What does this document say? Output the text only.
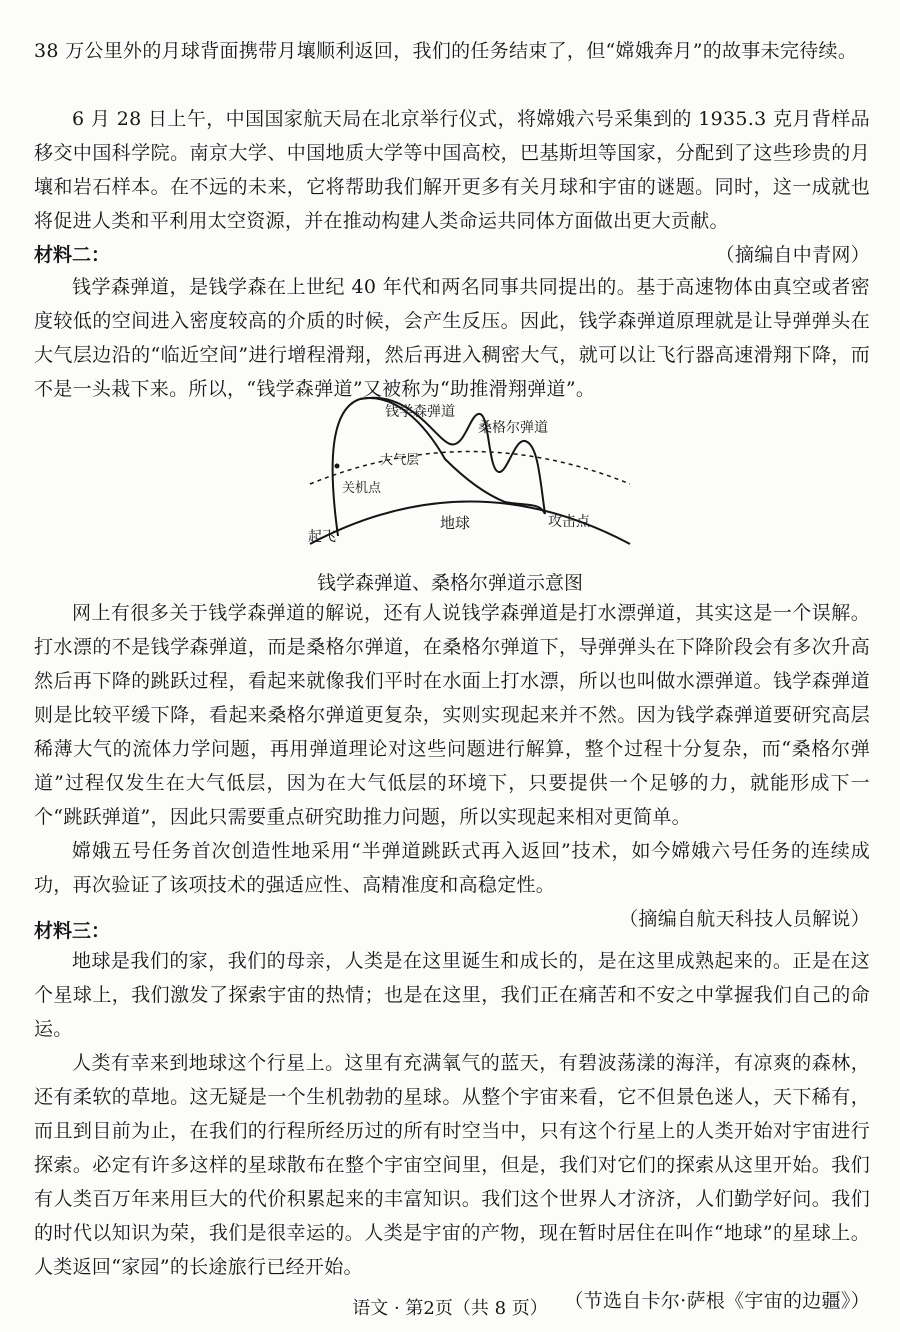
38 万公里外的月球背面携带月壤顺利返回，我们的任务结束了，但“嫦娥奔月”的故事未完待续。

6 月 28 日上午，中国国家航天局在北京举行仪式，将嫦娥六号采集到的 1935.3 克月背样品移交中国科学院。南京大学、中国地质大学等中国高校，巴基斯坦等国家，分配到了这些珍贵的月壤和岩石样本。在不远的未来，它将帮助我们解开更多有关月球和宇宙的谜题。同时，这一成就也将促进人类和平利用太空资源，并在推动构建人类命运共同体方面做出更大贡献。
（摘编自中青网）

材料二：

钱学森弹道，是钱学森在上世纪 40 年代和两名同事共同提出的。基于高速物体由真空或者密度较低的空间进入密度较高的介质的时候，会产生反压。因此，钱学森弹道原理就是让导弹弹头在大气层边沿的“临近空间”进行增程滑翔，然后再进入稠密大气，就可以让飞行器高速滑翔下降，而不是一头栽下来。所以，“钱学森弹道”又被称为“助推滑翔弹道”。

钱学森弹道
桑格尔弹道
大气层
关机点
起飞
地球	攻击点

钱学森弹道、桑格尔弹道示意图

网上有很多关于钱学森弹道的解说，还有人说钱学森弹道是打水漂弹道，其实这是一个误解。打水漂的不是钱学森弹道，而是桑格尔弹道，在桑格尔弹道下，导弹弹头在下降阶段会有多次升高然后再下降的跳跃过程，看起来就像我们平时在水面上打水漂，所以也叫做水漂弹道。钱学森弹道则是比较平缓下降，看起来桑格尔弹道更复杂，实则实现起来并不然。因为钱学森弹道要研究高层稀薄大气的流体力学问题，再用弹道理论对这些问题进行解算，整个过程十分复杂，而“桑格尔弹道”过程仅发生在大气低层，因为在大气低层的环境下，只要提供一个足够的力，就能形成下一个“跳跃弹道”，因此只需要重点研究助推力问题，所以实现起来相对更简单。

嫦娥五号任务首次创造性地采用“半弹道跳跃式再入返回”技术，如今嫦娥六号任务的连续成功，再次验证了该项技术的强适应性、高精准度和高稳定性。
（摘编自航天科技人员解说）

材料三：

地球是我们的家，我们的母亲，人类是在这里诞生和成长的，是在这里成熟起来的。正是在这个星球上，我们激发了探索宇宙的热情；也是在这里，我们正在痛苦和不安之中掌握我们自己的命运。

人类有幸来到地球这个行星上。这里有充满氧气的蓝天，有碧波荡漾的海洋，有凉爽的森林，还有柔软的草地。这无疑是一个生机勃勃的星球。从整个宇宙来看，它不但景色迷人，天下稀有，而且到目前为止，在我们的行程所经历过的所有时空当中，只有这个行星上的人类开始对宇宙进行探索。必定有许多这样的星球散布在整个宇宙空间里，但是，我们对它们的探索从这里开始。我们有人类百万年来用巨大的代价积累起来的丰富知识。我们这个世界人才济济，人们勤学好问。我们的时代以知识为荣，我们是很幸运的。人类是宇宙的产物，现在暂时居住在叫作“地球”的星球上。人类返回“家园”的长途旅行已经开始。
（节选自卡尔·萨根《宇宙的边疆》）

语文 · 第2页（共 8 页）
